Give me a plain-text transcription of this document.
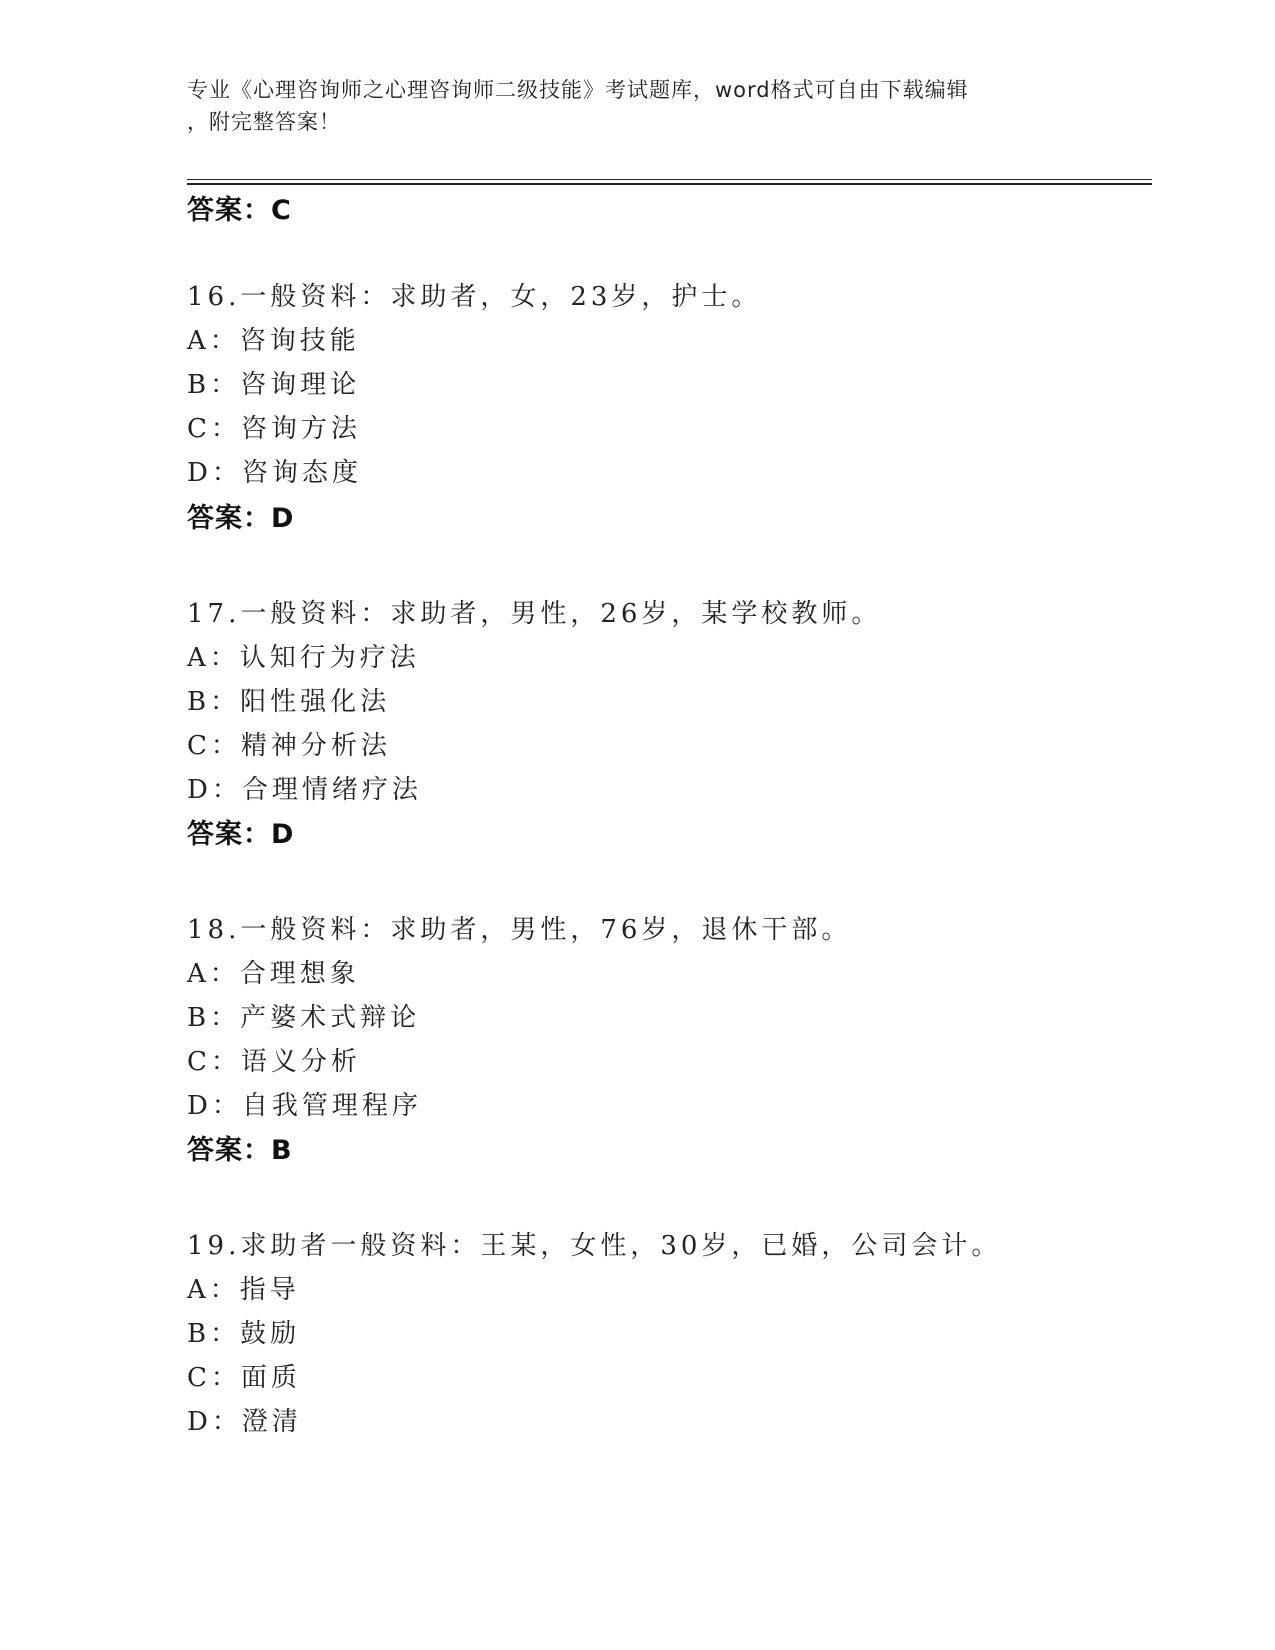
专业《心理咨询师之心理咨询师二级技能》考试题库，word格式可自由下载编辑
，附完整答案！
答案：C
16.一般资料：求助者，女，23岁，护士。
A：咨询技能
B：咨询理论
C：咨询方法
D：咨询态度
答案：D
17.一般资料：求助者，男性，26岁，某学校教师。
A：认知行为疗法
B：阳性强化法
C：精神分析法
D：合理情绪疗法
答案：D
18.一般资料：求助者，男性，76岁，退休干部。
A：合理想象
B：产婆术式辩论
C：语义分析
D：自我管理程序
答案：B
19.求助者一般资料：王某，女性，30岁，已婚，公司会计。
A：指导
B：鼓励
C：面质
D：澄清
